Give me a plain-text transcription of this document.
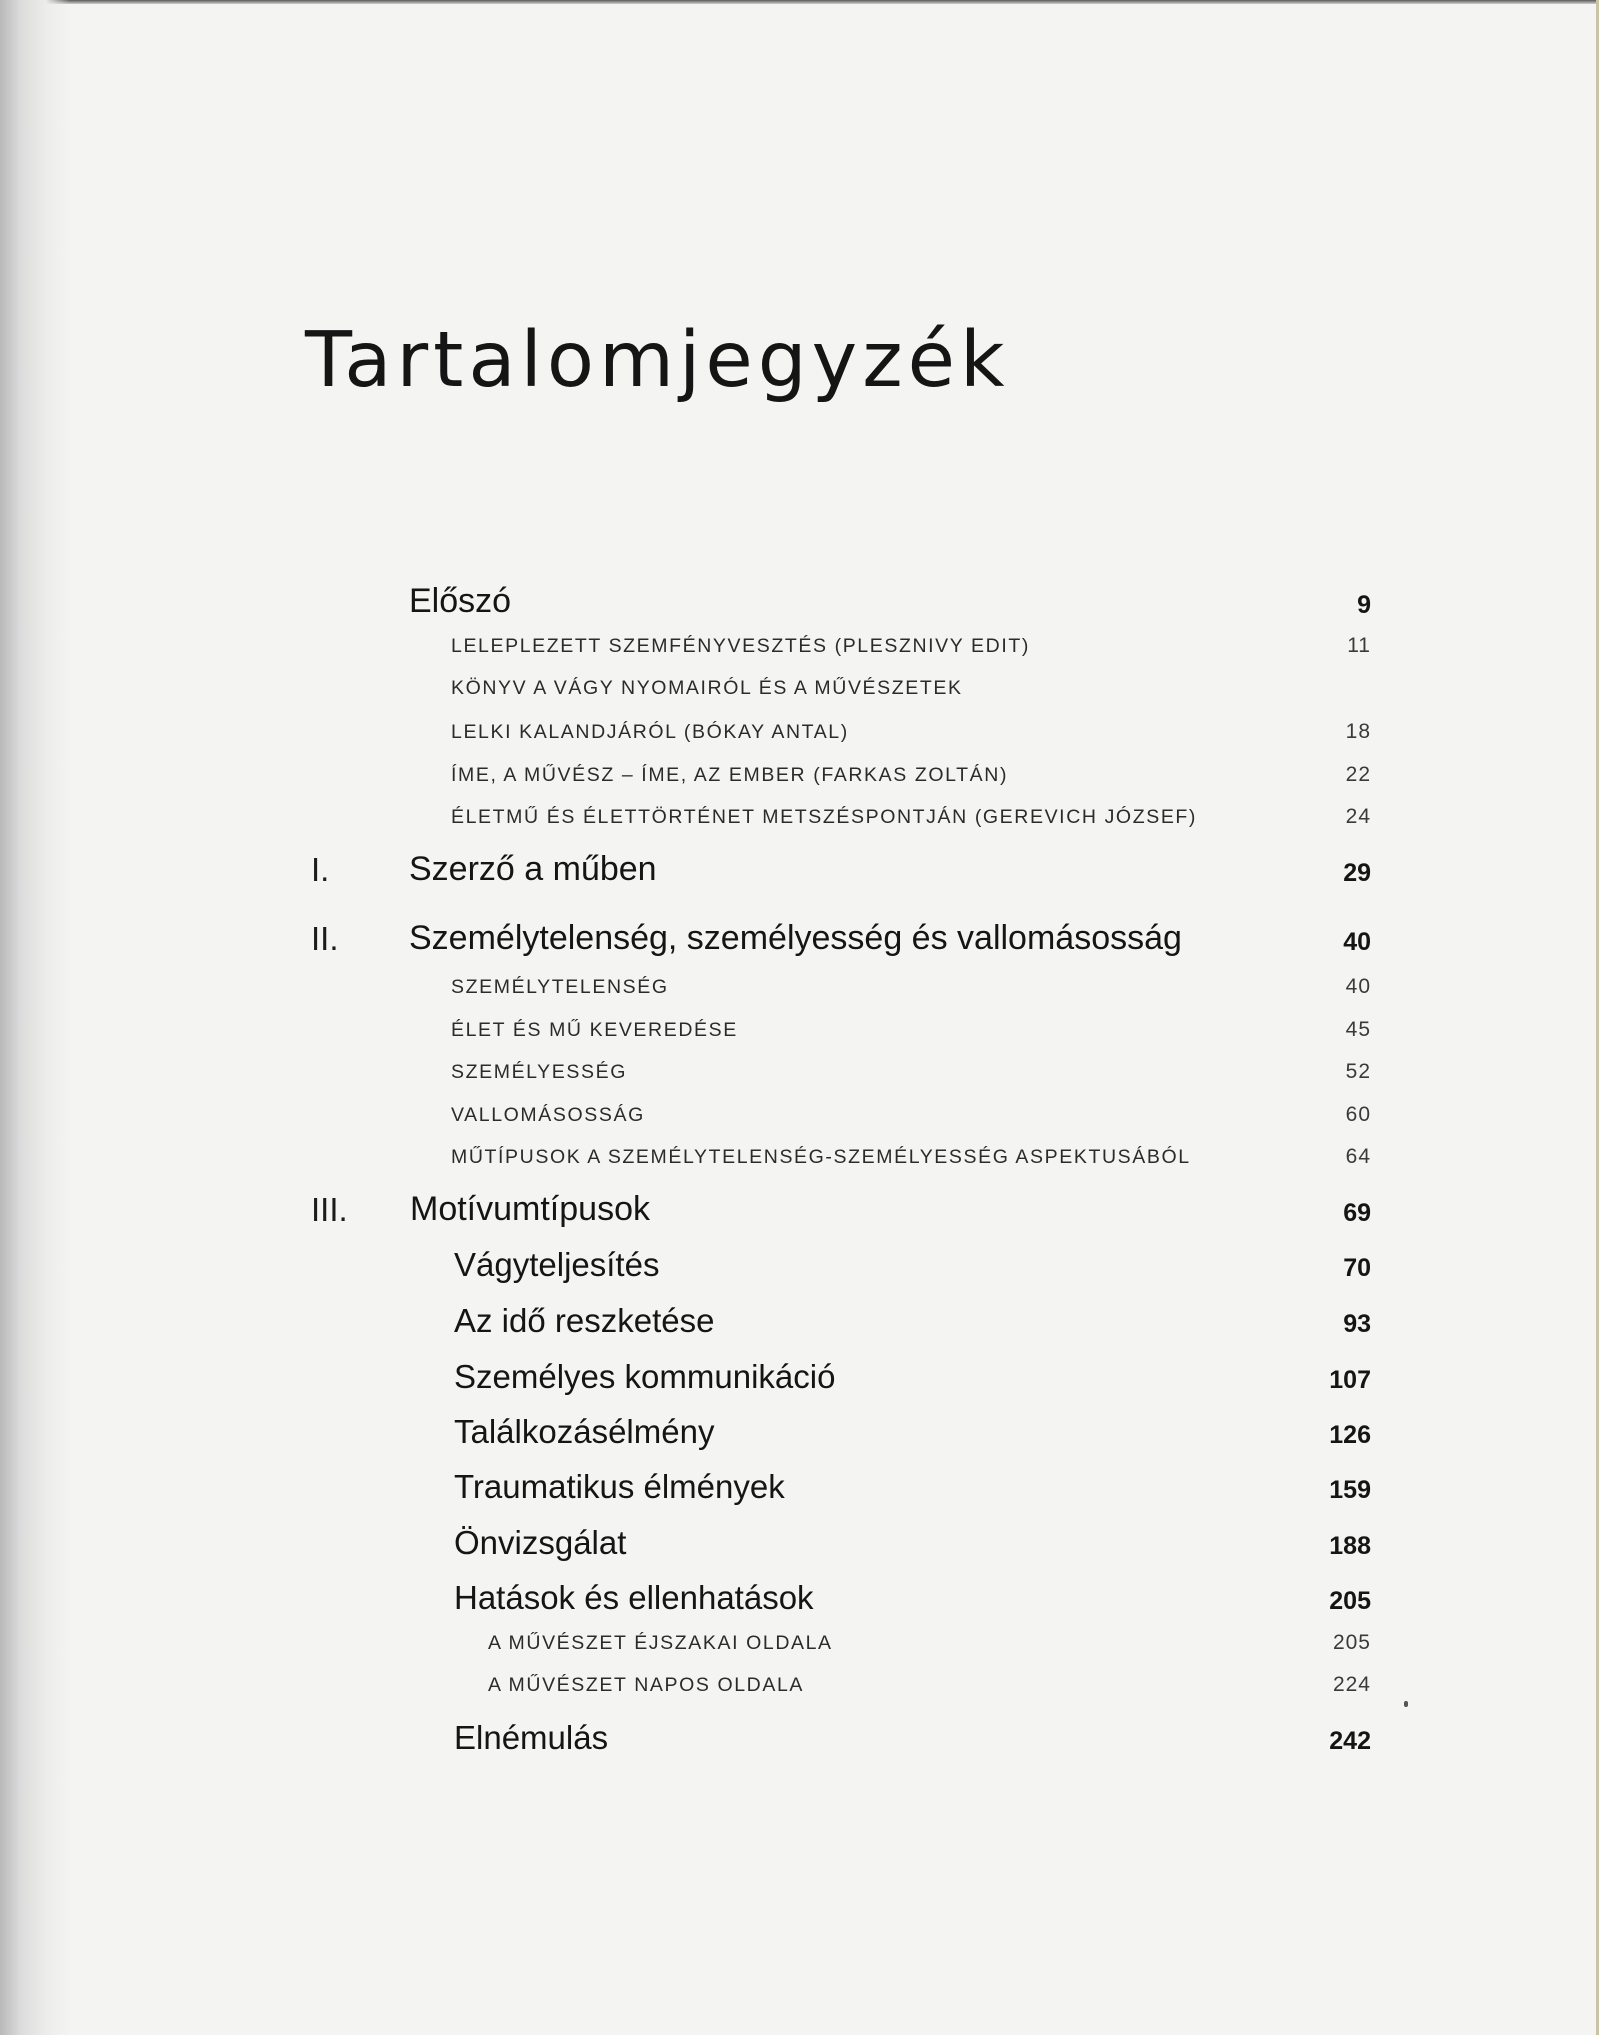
Tartalomjegyzék
Előszó	9
LELEPLEZETT SZEMFÉNYVESZTÉS (PLESZNIVY EDIT)	11
KÖNYV A VÁGY NYOMAIRÓL ÉS A MŰVÉSZETEK
LELKI KALANDJÁRÓL (BÓKAY ANTAL)	18
ÍME, A MŰVÉSZ – ÍME, AZ EMBER (FARKAS ZOLTÁN)	22
ÉLETMŰ ÉS ÉLETTÖRTÉNET METSZÉSPONTJÁN (GEREVICH JÓZSEF)	24
I. Szerző a műben	29
II. Személytelenség, személyesség és vallomásosság	40
SZEMÉLYTELENSÉG	40
ÉLET ÉS MŰ KEVEREDÉSE	45
SZEMÉLYESSÉG	52
VALLOMÁSOSSÁG	60
MŰTÍPUSOK A SZEMÉLYTELENSÉG-SZEMÉLYESSÉG ASPEKTUSÁBÓL	64
III. Motívumtípusok	69
Vágyteljesítés	70
Az idő reszketése	93
Személyes kommunikáció	107
Találkozásélmény	126
Traumatikus élmények	159
Önvizsgálat	188
Hatások és ellenhatások	205
A MŰVÉSZET ÉJSZAKAI OLDALA	205
A MŰVÉSZET NAPOS OLDALA	224
Elnémulás	242
